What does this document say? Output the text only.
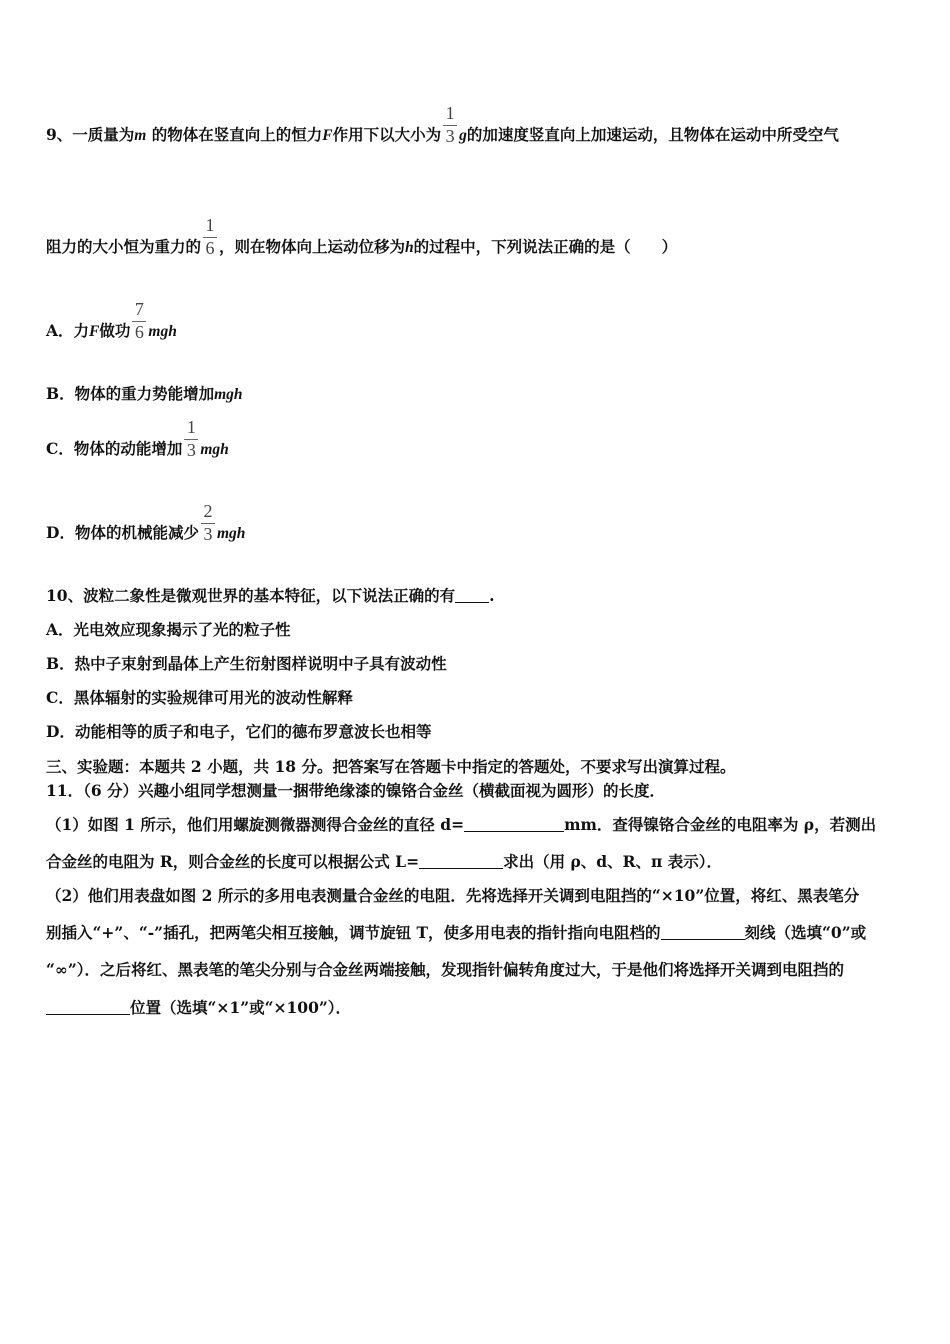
9、一质量为m 的物体在竖直向上的恒力F作用下以大小为 $\frac{1}{3}$ g的加速度竖直向上加速运动，且物体在运动中所受空气
阻力的大小恒为重力的 $\frac{1}{6}$ ，则在物体向上运动位移为h的过程中，下列说法正确的是（　　）
A．力F做功 $\frac{7}{6}$ mgh
B．物体的重力势能增加mgh
C．物体的动能增加 $\frac{1}{3}$ mgh
D．物体的机械能减少 $\frac{2}{3}$ mgh
10、波粒二象性是微观世界的基本特征，以下说法正确的有 .
A．光电效应现象揭示了光的粒子性
B．热中子束射到晶体上产生衍射图样说明中子具有波动性
C．黑体辐射的实验规律可用光的波动性解释
D．动能相等的质子和电子，它们的德布罗意波长也相等
三、实验题：本题共 2 小题，共 18 分。把答案写在答题卡中指定的答题处，不要求写出演算过程。
11．（6 分）兴趣小组同学想测量一捆带绝缘漆的镍铬合金丝（横截面视为圆形）的长度．
（1）如图 1 所示，他们用螺旋测微器测得合金丝的直径 d=	mm．查得镍铬合金丝的电阻率为 ρ，若测出
合金丝的电阻为 R，则合金丝的长度可以根据公式 L=	求出（用 ρ、d、R、π 表示）．
（2）他们用表盘如图 2 所示的多用电表测量合金丝的电阻．先将选择开关调到电阻挡的“×10”位置，将红、黑表笔分
别插入“+”、“-”插孔，把两笔尖相互接触，调节旋钮 T，使多用电表的指针指向电阻档的	刻线（选填“0”或
“∞”）．之后将红、黑表笔的笔尖分别与合金丝两端接触，发现指针偏转角度过大，于是他们将选择开关调到电阻挡的
位置（选填“×1”或“×100”）．
